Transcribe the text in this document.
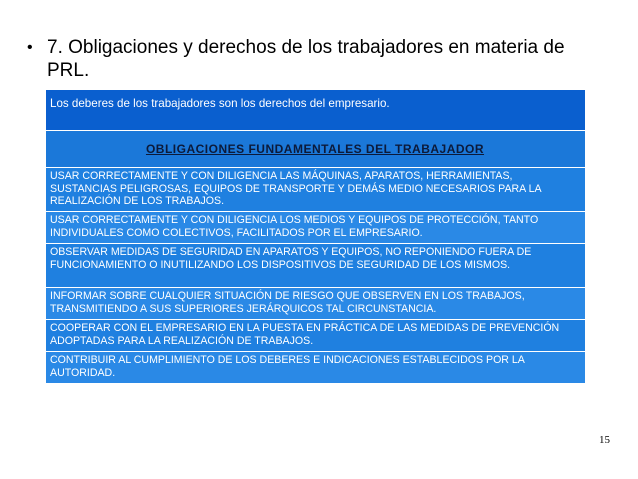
• 7. Obligaciones y derechos de los trabajadores en materia de PRL.
Los deberes de los trabajadores son los derechos del empresario.
OBLIGACIONES FUNDAMENTALES DEL TRABAJADOR
USAR CORRECTAMENTE Y CON DILIGENCIA LAS MÁQUINAS, APARATOS, HERRAMIENTAS, SUSTANCIAS PELIGROSAS, EQUIPOS DE TRANSPORTE Y DEMÁS MEDIO NECESARIOS PARA LA REALIZACIÓN DE LOS TRABAJOS.
USAR CORRECTAMENTE Y CON DILIGENCIA LOS MEDIOS Y EQUIPOS DE PROTECCIÓN, TANTO INDIVIDUALES COMO COLECTIVOS, FACILITADOS POR EL EMPRESARIO.
OBSERVAR MEDIDAS DE SEGURIDAD EN APARATOS Y EQUIPOS, NO REPONIENDO FUERA DE FUNCIONAMIENTO O INUTILIZANDO LOS DISPOSITIVOS DE SEGURIDAD DE LOS MISMOS.
INFORMAR SOBRE CUALQUIER SITUACIÓN DE RIESGO QUE OBSERVEN EN LOS TRABAJOS, TRANSMITIENDO A SUS SUPERIORES JERÁRQUICOS TAL CIRCUNSTANCIA.
COOPERAR CON EL EMPRESARIO EN LA PUESTA EN PRÁCTICA DE LAS MEDIDAS DE PREVENCIÓN ADOPTADAS PARA LA REALIZACIÓN DE TRABAJOS.
CONTRIBUIR AL CUMPLIMIENTO DE LOS DEBERES E INDICACIONES ESTABLECIDOS POR LA AUTORIDAD.
15
